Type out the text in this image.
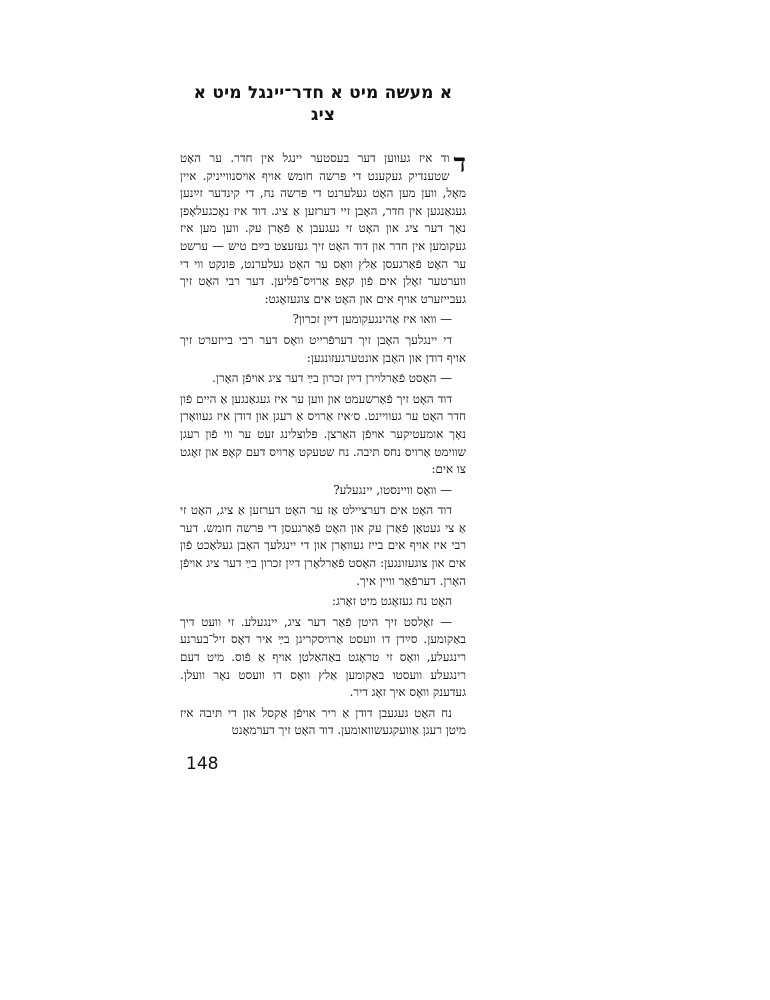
א מעשה מיט א חדר־יינגל מיט א ציג

ד
וד איז געווען דער בעסטער יינגל אין חדר. ער האָט שטענדיק געקענט די פּרשה חומש אויף אויסנווייניק. איין מאָל, ווען מען האָט געלערנט די פּרשה נח, די קינדער זײַנען געגאַנגען אין חדר, האָבן זיי דערזען אַ ציג. דוד איז נאָכגעלאָפן נאָך דער ציג און האָט זי געגעבן אַ פֿאַרן עק. ווען מען איז געקומען אין חדר און דוד האָט זיך געזעצט בײַם טיש — ערשט ער האָט פֿאַרגעסן אַלץ וואָס ער האָט געלערנט, פּונקט ווי די ווערטער זאָלן אים פֿון קאָפּ אַרויס־פֿליען. דער רבי האָט זיך געבייזערט אויף אים און האָט אים צוגעזאָגט:

— וואו איז אַהינגעקומען דײַן זכרון?

די יינגלעך האָבן זיך דערפֿרייט וואָס דער רבי בייזערט זיך אויף דודן און האָבן אונטערגעזונגען:

— האָסט פֿאַרלוירן דײַן זכרון בײַ דער ציג אויפֿן האָרן.

דוד האָט זיך פֿאַרשעמט און ווען ער איז געגאַנגען אַ היים פֿון חדר האָט ער געוויינט. ס׳איז אַרויס אַ רעגן און דודן איז געוואָרן נאָך אומעטיקער אויפֿן האַרצן. פּלוצלינג זעט ער ווי פֿון רעגן שווימט אַרויס נחס תּיבה. נח שטעקט אַרויס דעם קאָפּ און זאָגט צו אים:

— וואָס וויינסטו, יינגעלע?

דוד האָט אים דערציילט אַז ער האָט דערזען אַ ציג, האָט זי אַ צי געטאָן פֿאַרן עק און האָט פֿאַרגעסן די פּרשה חומש. דער רבי איז אויף אים בייז געוואָרן און די יינגלעך האָבן געלאַכט פֿון אים און צוגעזונגען: האָסט פֿאַרלאָרן דײַן זכרון בײַ דער ציג אויפֿן האָרן. דערפֿאַר וויין איך.

האָט נח געזאָגט מיט זאָרג:

— זאָלסט זיך היטן פֿאַר דער ציג, יינגעלע. זי וועט דיך באַקומען. סײַדן דו וועסט אַרויסקריגן בײַ איר דאָס זיל־בערנע רינגעלע, וואָס זי טראָגט באַהאַלטן אויף אַ פֿוס. מיט דעם רינגעלע וועסטו באַקומען אַלץ וואָס דו וועסט נאָר וועלן. געדענק וואָס איך זאָג דיר.

נח האָט געגעבן דודן אַ ריר אויפֿן אַקסל און די תּיבה איז מיטן רעגן אַוועקגעשוואומען. דוד האָט זיך דערמאָנט

148
